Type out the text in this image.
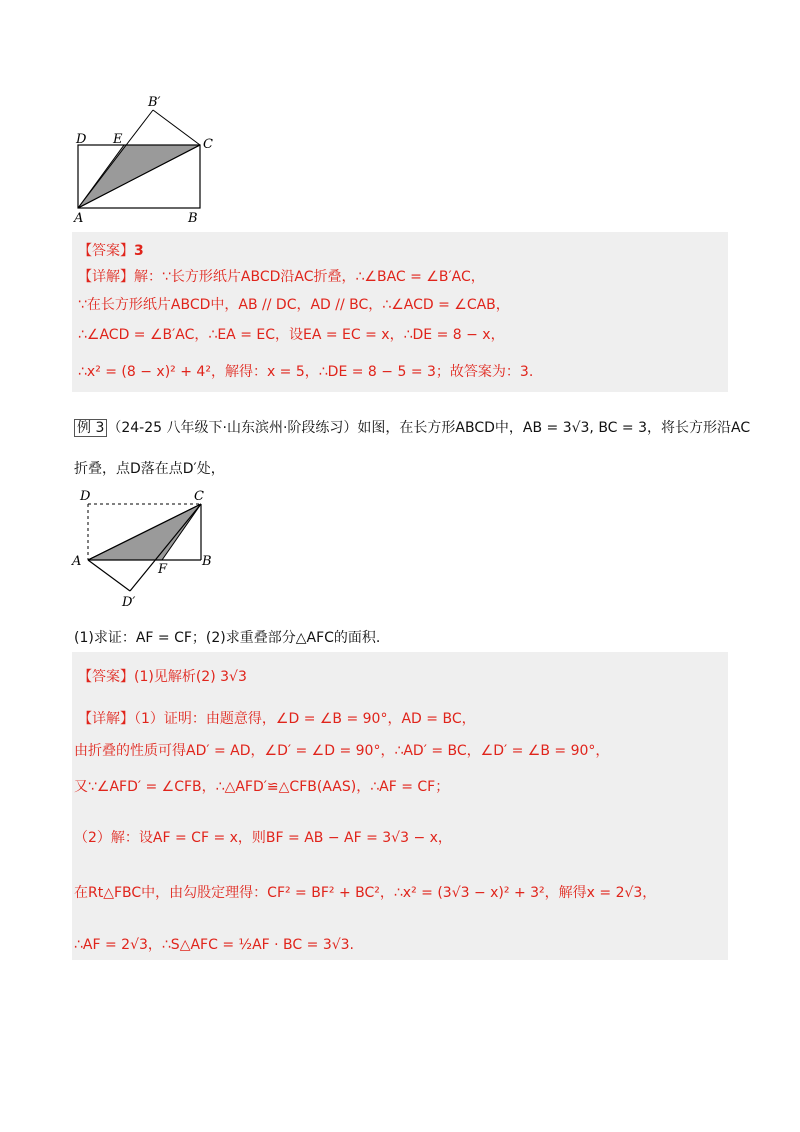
B′
D E	C
A	B
【答案】3
【详解】解：∵长方形纸片ABCD沿AC折叠，∴∠BAC = ∠B′AC，
∵在长方形纸片ABCD中，AB // DC，AD // BC，∴∠ACD = ∠CAB，
∴∠ACD = ∠B′AC，∴EA = EC，设EA = EC = x，∴DE = 8 − x，
∴x² = (8 − x)² + 4²，解得：x = 5，∴DE = 8 − 5 = 3；故答案为：3.
例 3 （24-25 八年级下·山东滨州·阶段练习）如图，在长方形ABCD中，AB = 3√3, BC = 3，将长方形沿AC
折叠，点D落在点D′处，
D	C
A	B
F
D′
(1)求证：AF = CF；(2)求重叠部分△AFC的面积.
【答案】(1)见解析(2) 3√3
【详解】（1）证明：由题意得，∠D = ∠B = 90°，AD = BC，
由折叠的性质可得AD′ = AD，∠D′ = ∠D = 90°，∴AD′ = BC，∠D′ = ∠B = 90°，
又∵∠AFD′ = ∠CFB，∴△AFD′≌△CFB(AAS)，∴AF = CF；
（2）解：设AF = CF = x，则BF = AB − AF = 3√3 − x，
在Rt△FBC中，由勾股定理得：CF² = BF² + BC²，∴x² = (3√3 − x)² + 3²，解得x = 2√3，
∴AF = 2√3，∴S△AFC = ½AF · BC = 3√3.
